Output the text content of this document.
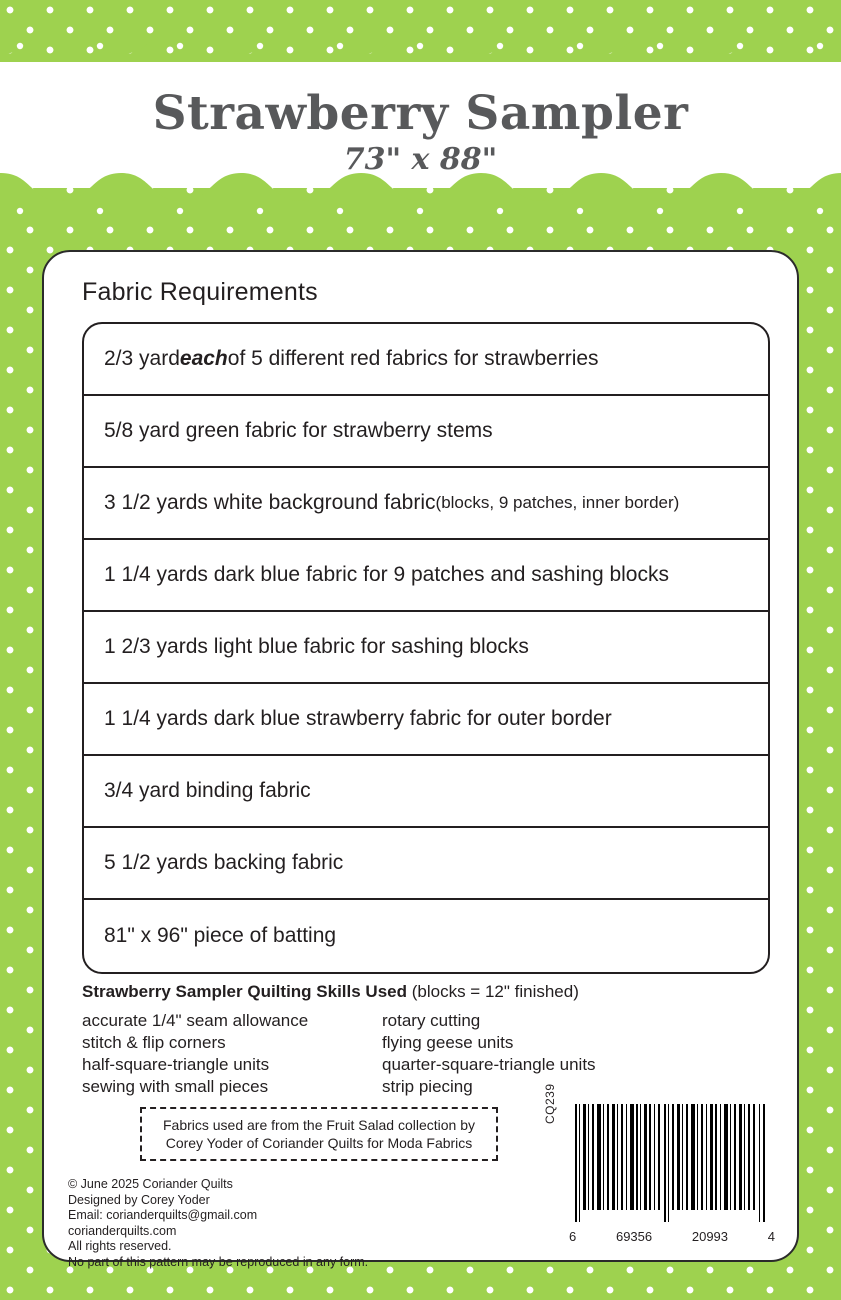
Strawberry Sampler
73" x 88"
Fabric Requirements
2/3 yard each of 5 different red fabrics for strawberries
5/8 yard green fabric for strawberry stems
3 1/2 yards white background fabric (blocks, 9 patches, inner border)
1 1/4 yards dark blue fabric for 9 patches and sashing blocks
1 2/3 yards light blue fabric for sashing blocks
1 1/4 yards dark blue strawberry fabric for outer border
3/4 yard binding fabric
5 1/2 yards backing fabric
81" x 96" piece of batting
Strawberry Sampler Quilting Skills Used (blocks = 12" finished)
accurate 1/4" seam allowance	rotary cutting
stitch & flip corners	flying geese units
half-square-triangle units	quarter-square-triangle units
sewing with small pieces	strip piecing
Fabrics used are from the Fruit Salad collection by
Corey Yoder of Coriander Quilts for Moda Fabrics
© June 2025 Coriander Quilts
Designed by Corey Yoder
Email: corianderquilts@gmail.com
corianderquilts.com
All rights reserved.
No part of this pattern may be reproduced in any form.
CQ239
6	69356	20993	4
